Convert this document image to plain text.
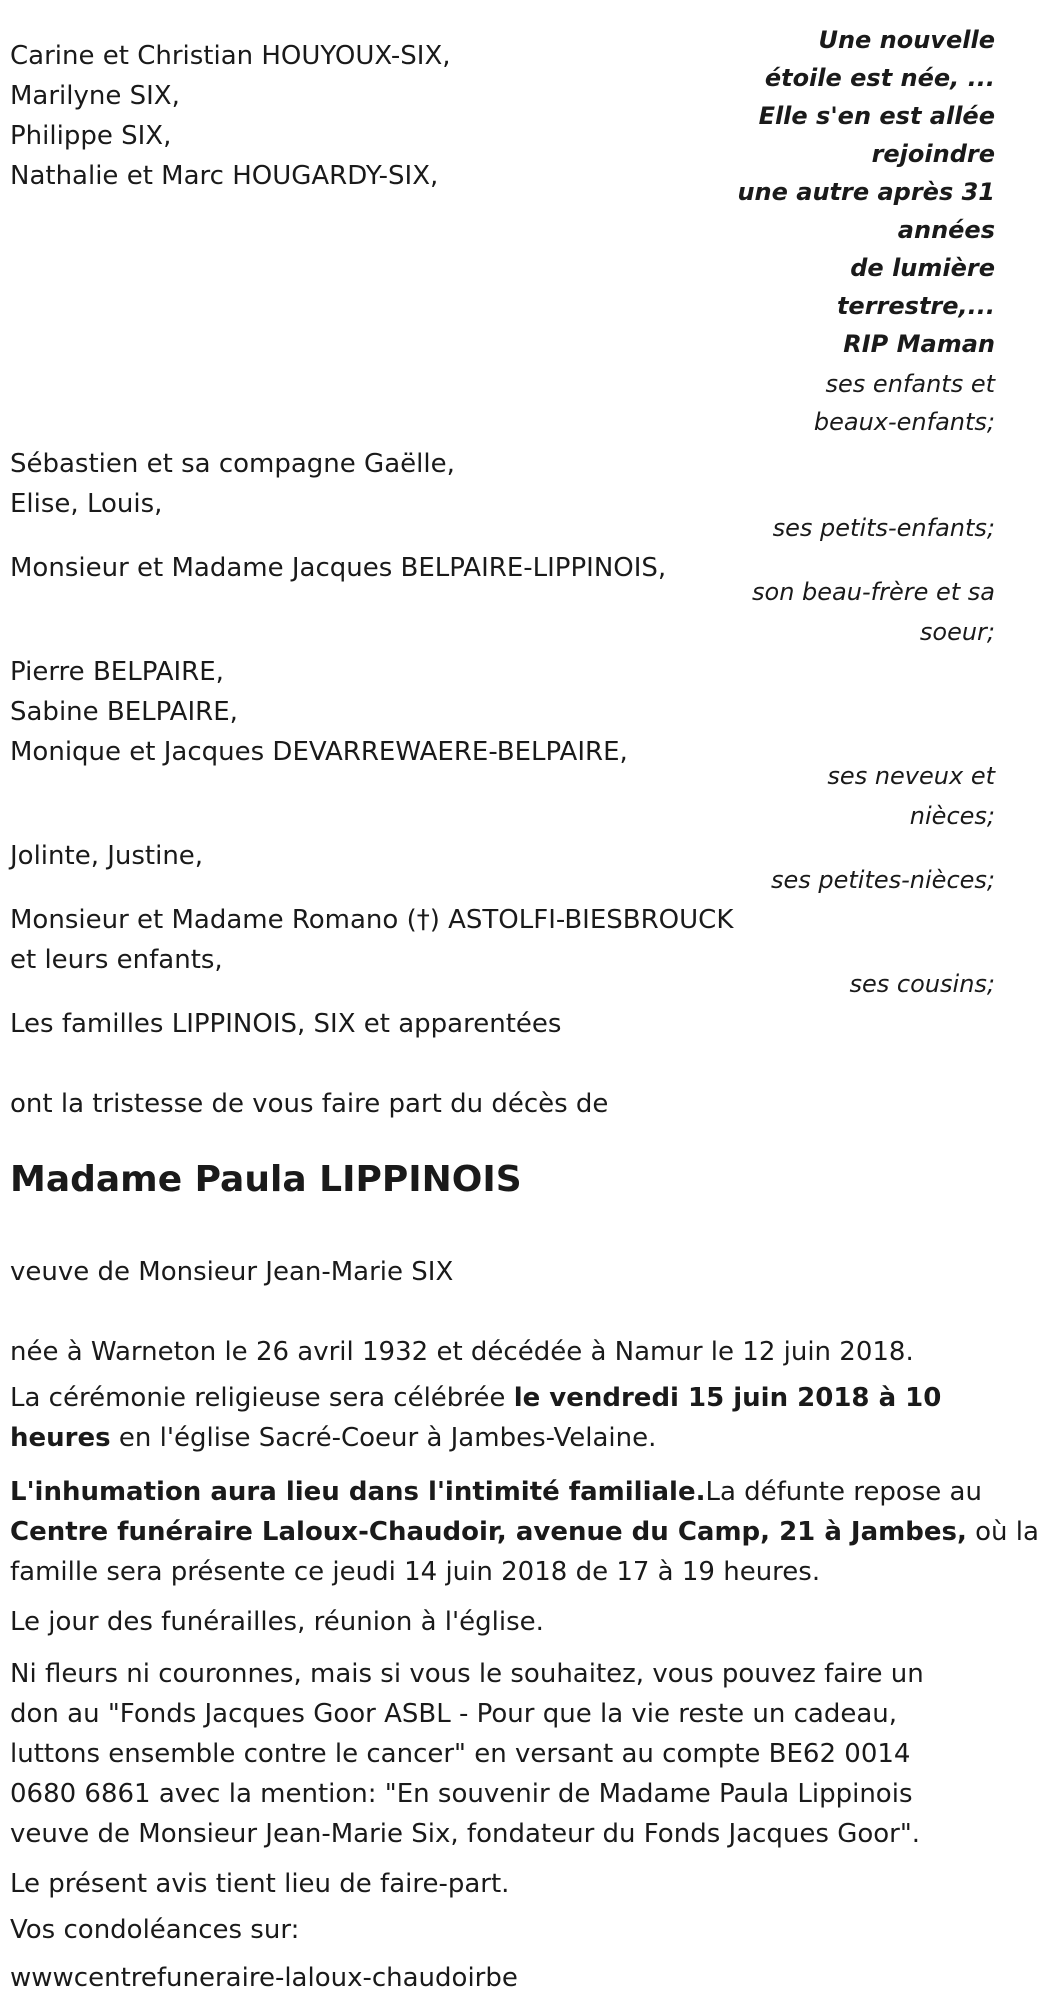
Une nouvelle
étoile est née, ...
Elle s'en est allée
rejoindre
une autre après 31
années
de lumière
terrestre,...
RIP Maman
Carine et Christian HOUYOUX-SIX,
Marilyne SIX,
Philippe SIX,
Nathalie et Marc HOUGARDY-SIX,
ses enfants et
beaux-enfants;
Sébastien et sa compagne Gaëlle,
Elise, Louis,
ses petits-enfants;
Monsieur et Madame Jacques BELPAIRE-LIPPINOIS,
son beau-frère et sa
soeur;
Pierre BELPAIRE,
Sabine BELPAIRE,
Monique et Jacques DEVARREWAERE-BELPAIRE,
ses neveux et
nièces;
Jolinte, Justine,
ses petites-nièces;
Monsieur et Madame Romano (†) ASTOLFI-BIESBROUCK
et leurs enfants,
ses cousins;
Les familles LIPPINOIS, SIX et apparentées
ont la tristesse de vous faire part du décès de
Madame Paula LIPPINOIS
veuve de Monsieur Jean-Marie SIX
née à Warneton le 26 avril 1932 et décédée à Namur le 12 juin 2018.
La cérémonie religieuse sera célébrée le vendredi 15 juin 2018 à 10
heures en l'église Sacré-Coeur à Jambes-Velaine.
L'inhumation aura lieu dans l'intimité familiale.La défunte repose au
Centre funéraire Laloux-Chaudoir, avenue du Camp, 21 à Jambes, où la
famille sera présente ce jeudi 14 juin 2018 de 17 à 19 heures.
Le jour des funérailles, réunion à l'église.
Ni fleurs ni couronnes, mais si vous le souhaitez, vous pouvez faire un
don au "Fonds Jacques Goor ASBL - Pour que la vie reste un cadeau,
luttons ensemble contre le cancer" en versant au compte BE62 0014
0680 6861 avec la mention: "En souvenir de Madame Paula Lippinois
veuve de Monsieur Jean-Marie Six, fondateur du Fonds Jacques Goor".
Le présent avis tient lieu de faire-part.
Vos condoléances sur:
wwwcentrefuneraire-laloux-chaudoirbe
